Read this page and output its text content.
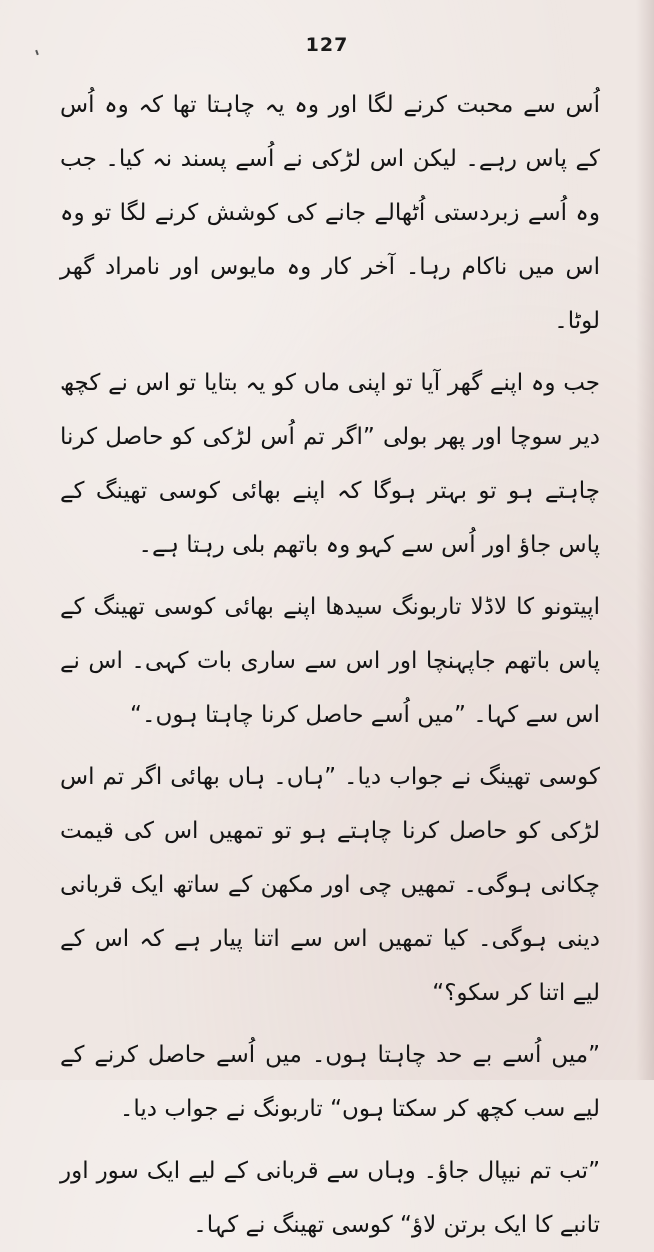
127

اُس سے محبت کرنے لگا اور وہ یہ چاہتا تھا کہ وہ اُس کے پاس رہے۔ لیکن اس لڑکی نے اُسے پسند نہ کیا۔ جب وہ اُسے زبردستی اُٹھالے جانے کی کوشش کرنے لگا تو وہ اس میں ناکام رہا۔ آخر کار وہ مایوس اور نامراد گھر لوٹا۔

جب وہ اپنے گھر آیا تو اپنی ماں کو یہ بتایا تو اس نے کچھ دیر سوچا اور پھر بولی ”اگر تم اُس لڑکی کو حاصل کرنا چاہتے ہو تو بہتر ہوگا کہ اپنے بھائی کوسی تھینگ کے پاس جاؤ اور اُس سے کہو وہ باتھم بلی رہتا ہے۔

اپیتونو کا لاڈلا تاربونگ سیدھا اپنے بھائی کوسی تھینگ کے پاس باتھم جاپہنچا اور اس سے ساری بات کہی۔ اس نے اس سے کہا۔ ”میں اُسے حاصل کرنا چاہتا ہوں۔“

کوسی تھینگ نے جواب دیا۔ ”ہاں۔ ہاں بھائی اگر تم اس لڑکی کو حاصل کرنا چاہتے ہو تو تمھیں اس کی قیمت چکانی ہوگی۔ تمھیں چی اور مکھن کے ساتھ ایک قربانی دینی ہوگی۔ کیا تمھیں اس سے اتنا پیار ہے کہ اس کے لیے اتنا کر سکو؟“

”میں اُسے بے حد چاہتا ہوں۔ میں اُسے حاصل کرنے کے لیے سب کچھ کر سکتا ہوں“ تاربونگ نے جواب دیا۔

”تب تم نیپال جاؤ۔ وہاں سے قربانی کے لیے ایک سور اور تانبے کا ایک برتن لاؤ“ کوسی تھینگ نے کہا۔
